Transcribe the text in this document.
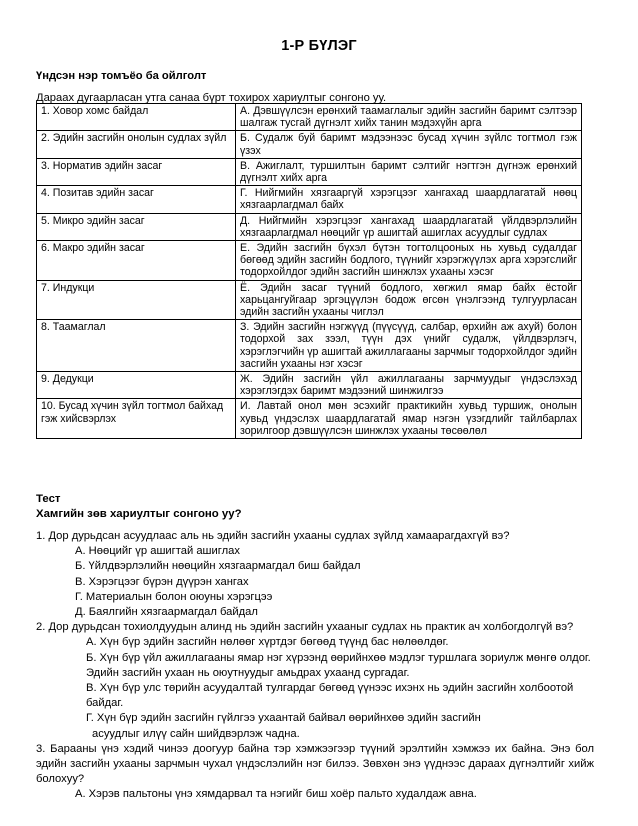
1-Р БҮЛЭГ
Үндсэн нэр томъёо ба ойлголт
Дараах дугаарласан утга санаа бүрт тохирох хариултыг сонгоно уу.
1. Ховор хомс байдал	А. Дэвшүүлсэн ерөнхий таамаглалыг эдийн засгийн баримт сэлтээр шалгаж тусгай дүгнэлт хийх танин мэдэхүйн арга
2. Эдийн засгийн онолын судлах зүйл	Б. Судалж буй баримт мэдээнээс бусад хүчин зүйлс тогтмол гэж үзэх
3. Норматив эдийн засаг	В. Ажиглалт, туршилтын баримт сэлтийг нэгтгэн дүгнэж ерөнхий дүгнэлт хийх арга
4. Позитав эдийн засаг	Г. Нийгмийн хязгааргүй хэрэгцээг хангахад шаардлагатай нөөц хязгаарлагдмал байх
5. Микро эдийн засаг	Д. Нийгмийн хэрэгцээг хангахад шаардлагатай үйлдвэрлэлийн хязгаарлагдмал нөөцийг үр ашигтай ашиглах асуудлыг судлах
6. Макро эдийн засаг	Е. Эдийн засгийн бүхэл бүтэн тогтолцооных нь хувьд судалдаг бөгөөд эдийн засгийн бодлого, түүнийг хэрэгжүүлэх арга хэрэгслийг тодорхойлдог эдийн засгийн шинжлэх ухааны хэсэг
7. Индукци	Ё. Эдийн засаг түүний бодлого, хөгжил ямар байх ёстойг харьцангуйгаар эргэцүүлэн бодож өгсөн үнэлгээнд тулгуурласан эдийн засгийн ухааны чиглэл
8. Таамаглал	З. Эдийн засгийн нэгжүүд (пүүсүүд, салбар, өрхийн аж ахуй) болон тодорхой зах зээл, түүн дэх үнийг судалж, үйлдвэрлэгч, хэрэглэгчийн үр ашигтай ажиллагааны зарчмыг тодорхойлдог эдийн засгийн ухааны нэг хэсэг
9. Дедукци	Ж. Эдийн засгийн үйл ажиллагааны зарчмуудыг үндэслэхэд хэрэглэгдэх баримт мэдээний шинжилгээ
10. Бусад хүчин зүйл тогтмол байхад гэж хийсвэрлэх	И. Лавтай онол мөн эсэхийг практикийн хувьд туршиж, онолын хувьд үндэслэх шаардлагатай ямар нэгэн үзэгдлийг тайлбарлах зорилгоор дэвшүүлсэн шинжлэх ухааны төсөөлөл
Тест
Хамгийн зөв хариултыг сонгоно уу?

1. Дор дурьдсан асуудлаас аль нь эдийн засгийн ухааны судлах зүйлд хамаарагдахгүй вэ?

А. Нөөцийг үр ашигтай ашиглах

Б. Үйлдвэрлэлийн нөөцийн хязгаармагдал биш байдал

В. Хэрэгцээг бүрэн дүүрэн хангах

Г. Материалын болон оюуны хэрэгцээ

Д. Баялгийн хязгаармагдал байдал

2. Дор дурьдсан тохиолдуудын алинд нь эдийн засгийн ухааныг судлах нь практик ач холбогдолгүй вэ?

А. Хүн бүр эдийн засгийн нөлөөг хүртдэг бөгөөд түүнд бас нөлөөлдөг.

Б. Хүн бүр үйл ажиллагааны ямар нэг хүрээнд өөрийнхөө мэдлэг туршлага зориулж мөнгө олдог. Эдийн засгийн ухаан нь оюутнуудыг амьдрах ухаанд сургадаг.

В. Хүн бүр улс төрийн асуудалтай тулгардаг бөгөөд үүнээс ихэнх нь эдийн засгийн холбоотой байдаг.

Г. Хүн бүр эдийн засгийн гүйлгээ ухаантай байвал өөрийнхөө эдийн засгийн
асуудлыг илүү сайн шийдвэрлэж чадна.

3. Барааны үнэ хэдий чинээ доогуур байна тэр хэмжээгээр түүний эрэлтийн хэмжээ их байна. Энэ бол эдийн засгийн ухааны зарчмын чухал үндэслэлийн нэг билээ. Зөвхөн энэ үүднээс дараах дүгнэлтийг хийж болохуу?

А. Хэрэв пальтоны үнэ хямдарвал та нэгийг биш хоёр пальто худалдаж авна.
